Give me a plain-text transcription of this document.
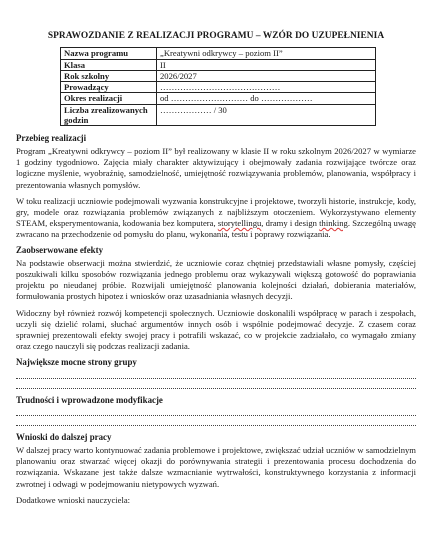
SPRAWOZDANIE Z REALIZACJI PROGRAMU – WZÓR DO UZUPEŁNIENIA
Nazwa programu	„Kreatywni odkrywcy – poziom II”
Klasa	II
Rok szkolny	2026/2027
Prowadzący	……………………………………
Okres realizacji	od ……………………… do ………………
Liczba zrealizowanych godzin	……………… / 30
Przebieg realizacji

Program „Kreatywni odkrywcy – poziom II” był realizowany w klasie II w roku szkolnym 2026/2027 w wymiarze 1 godziny tygodniowo. Zajęcia miały charakter aktywizujący i obejmowały zadania rozwijające twórcze oraz logiczne myślenie, wyobraźnię, samodzielność, umiejętność rozwiązywania problemów, planowania, współpracy i prezentowania własnych pomysłów.

W toku realizacji uczniowie podejmowali wyzwania konstrukcyjne i projektowe, tworzyli historie, instrukcje, kody, gry, modele oraz rozwiązania problemów związanych z najbliższym otoczeniem. Wykorzystywano elementy STEAM, eksperymentowania, kodowania bez komputera, storytellingu, dramy i design thinking. Szczególną uwagę zwracano na przechodzenie od pomysłu do planu, wykonania, testu i poprawy rozwiązania.

Zaobserwowane efekty

Na podstawie obserwacji można stwierdzić, że uczniowie coraz chętniej przedstawiali własne pomysły, częściej poszukiwali kilku sposobów rozwiązania jednego problemu oraz wykazywali większą gotowość do poprawiania projektu po nieudanej próbie. Rozwijali umiejętność planowania kolejności działań, dobierania materiałów, formułowania prostych hipotez i wniosków oraz uzasadniania własnych decyzji.

Widoczny był również rozwój kompetencji społecznych. Uczniowie doskonalili współpracę w parach i zespołach, uczyli się dzielić rolami, słuchać argumentów innych osób i wspólnie podejmować decyzje. Z czasem coraz sprawniej prezentowali efekty swojej pracy i potrafili wskazać, co w projekcie zadziałało, co wymagało zmiany oraz czego nauczyli się podczas realizacji zadania.

Największe mocne strony grupy
Trudności i wprowadzone modyfikacje
Wnioski do dalszej pracy

W dalszej pracy warto kontynuować zadania problemowe i projektowe, zwiększać udział uczniów w samodzielnym planowaniu oraz stwarzać więcej okazji do porównywania strategii i prezentowania procesu dochodzenia do rozwiązania. Wskazane jest także dalsze wzmacnianie wytrwałości, konstruktywnego korzystania z informacji zwrotnej i odwagi w podejmowaniu nietypowych wyzwań.

Dodatkowe wnioski nauczyciela:
